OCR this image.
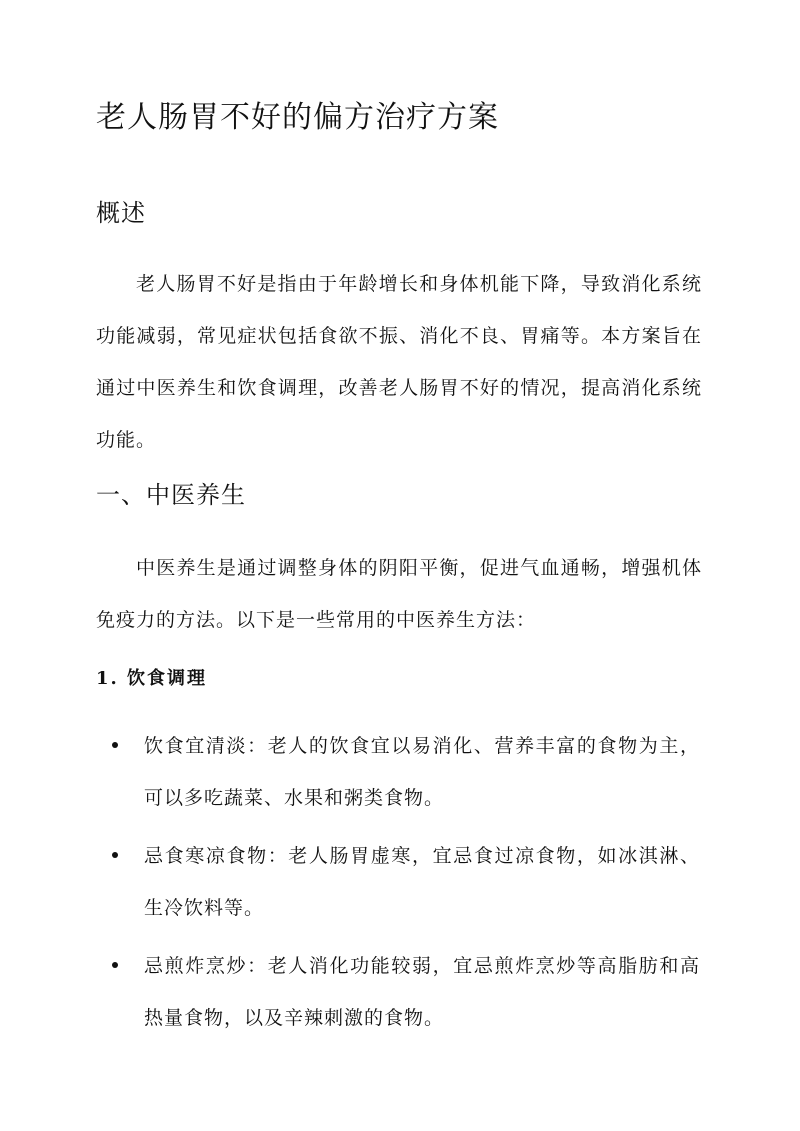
老人肠胃不好的偏方治疗方案
概述
老人肠胃不好是指由于年龄增长和身体机能下降，导致消化系统功能减弱，常见症状包括食欲不振、消化不良、胃痛等。本方案旨在通过中医养生和饮食调理，改善老人肠胃不好的情况，提高消化系统功能。
一、中医养生
中医养生是通过调整身体的阴阳平衡，促进气血通畅，增强机体免疫力的方法。以下是一些常用的中医养生方法：
1. 饮食调理
饮食宜清淡：老人的饮食宜以易消化、营养丰富的食物为主，可以多吃蔬菜、水果和粥类食物。
忌食寒凉食物：老人肠胃虚寒，宜忌食过凉食物，如冰淇淋、生冷饮料等。
忌煎炸烹炒：老人消化功能较弱，宜忌煎炸烹炒等高脂肪和高热量食物，以及辛辣刺激的食物。
